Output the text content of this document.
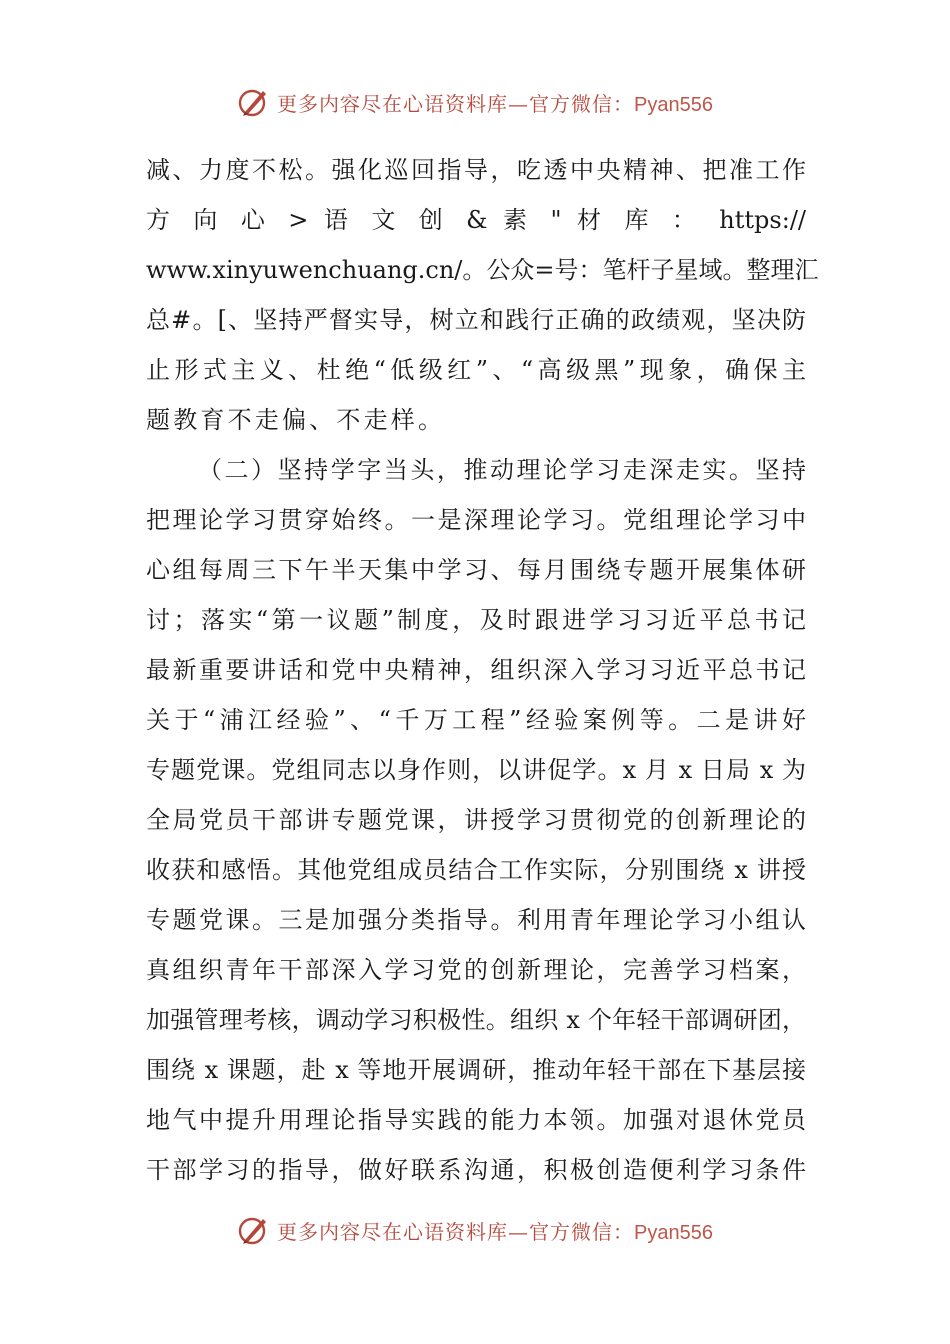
更多内容尽在心语资料库—官方微信：Pyan556
减、力度不松。强化巡回指导，吃透中央精神、把准工作
方 向 心 > 语 文 创 & 素 " 材 库 ： https://
www.xinyuwenchuang.cn/。公众=号：笔杆子星域。整理汇
总#。[、坚持严督实导，树立和践行正确的政绩观，坚决防
止形式主义、杜绝“低级红”、“高级黑”现象，确保主
题教育不走偏、不走样。
（二）坚持学字当头，推动理论学习走深走实。坚持
把理论学习贯穿始终。一是深理论学习。党组理论学习中
心组每周三下午半天集中学习、每月围绕专题开展集体研
讨；落实“第一议题”制度，及时跟进学习习近平总书记
最新重要讲话和党中央精神，组织深入学习习近平总书记
关于“浦江经验”、“千万工程”经验案例等。二是讲好
专题党课。党组同志以身作则，以讲促学。x 月 x 日局 x 为
全局党员干部讲专题党课，讲授学习贯彻党的创新理论的
收获和感悟。其他党组成员结合工作实际，分别围绕 x 讲授
专题党课。三是加强分类指导。利用青年理论学习小组认
真组织青年干部深入学习党的创新理论，完善学习档案，
加强管理考核，调动学习积极性。组织 x 个年轻干部调研团，
围绕 x 课题，赴 x 等地开展调研，推动年轻干部在下基层接
地气中提升用理论指导实践的能力本领。加强对退休党员
干部学习的指导，做好联系沟通，积极创造便利学习条件
更多内容尽在心语资料库—官方微信：Pyan556
